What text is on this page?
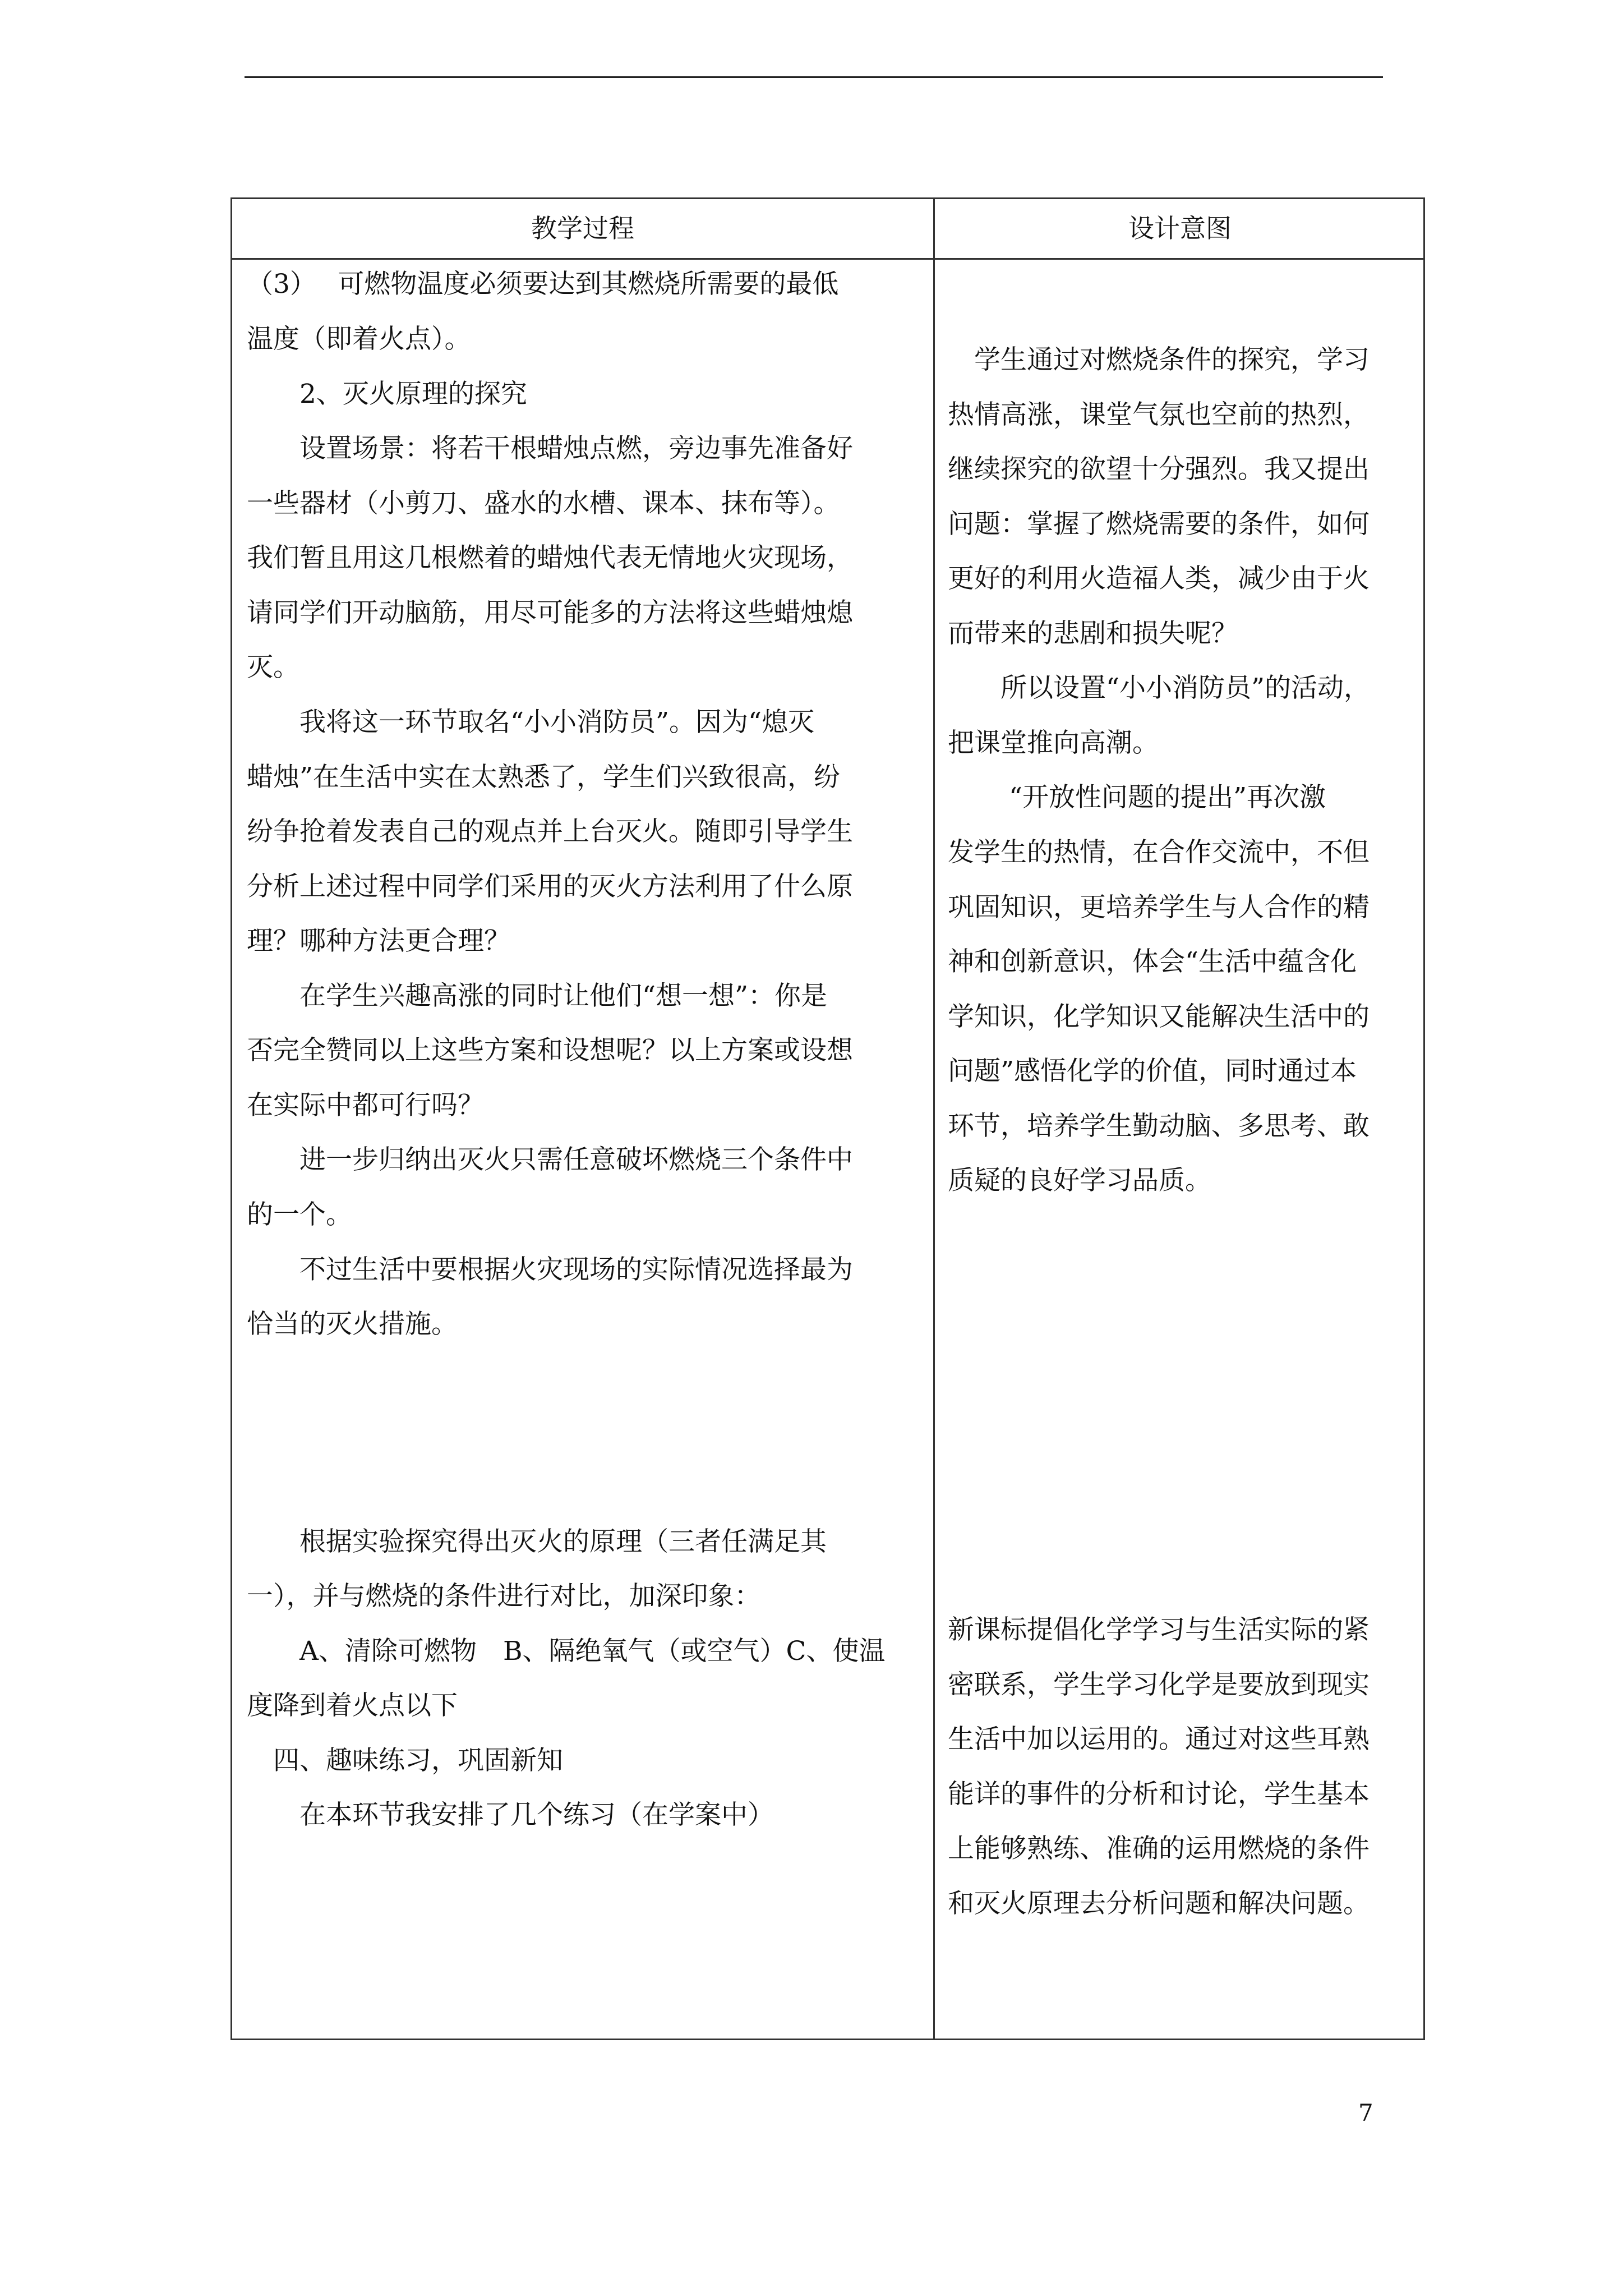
教学过程	设计意图
（3）　 可燃物温度必须要达到其燃烧所需要的最低
温度（即着火点）。
　　2、灭火原理的探究
　　设置场景：将若干根蜡烛点燃，旁边事先准备好
一些器材（小剪刀、盛水的水槽、课本、抹布等）。
我们暂且用这几根燃着的蜡烛代表无情地火灾现场，
请同学们开动脑筋，用尽可能多的方法将这些蜡烛熄
灭。
　　我将这一环节取名“小小消防员”。因为“熄灭
蜡烛”在生活中实在太熟悉了，学生们兴致很高，纷
纷争抢着发表自己的观点并上台灭火。随即引导学生
分析上述过程中同学们采用的灭火方法利用了什么原
理？哪种方法更合理？
　　在学生兴趣高涨的同时让他们“想一想”：你是
否完全赞同以上这些方案和设想呢？以上方案或设想
在实际中都可行吗？
　　进一步归纳出灭火只需任意破坏燃烧三个条件中
的一个。
　　不过生活中要根据火灾现场的实际情况选择最为
恰当的灭火措施。
　　根据实验探究得出灭火的原理（三者任满足其
一），并与燃烧的条件进行对比，加深印象：
　　A、清除可燃物　B、隔绝氧气（或空气）C、使温
度降到着火点以下
　四、趣味练习，巩固新知
　　在本环节我安排了几个练习（在学案中）
　学生通过对燃烧条件的探究，学习
热情高涨，课堂气氛也空前的热烈，
继续探究的欲望十分强烈。我又提出
问题：掌握了燃烧需要的条件，如何
更好的利用火造福人类，减少由于火
而带来的悲剧和损失呢？
　　所以设置“小小消防员”的活动，
把课堂推向高潮。
　　 “开放性问题的提出”再次激
发学生的热情，在合作交流中，不但
巩固知识，更培养学生与人合作的精
神和创新意识，体会“生活中蕴含化
学知识，化学知识又能解决生活中的
问题”感悟化学的价值，同时通过本
环节，培养学生勤动脑、多思考、敢
质疑的良好学习品质。
新课标提倡化学学习与生活实际的紧
密联系，学生学习化学是要放到现实
生活中加以运用的。通过对这些耳熟
能详的事件的分析和讨论，学生基本
上能够熟练、准确的运用燃烧的条件
和灭火原理去分析问题和解决问题。
7
